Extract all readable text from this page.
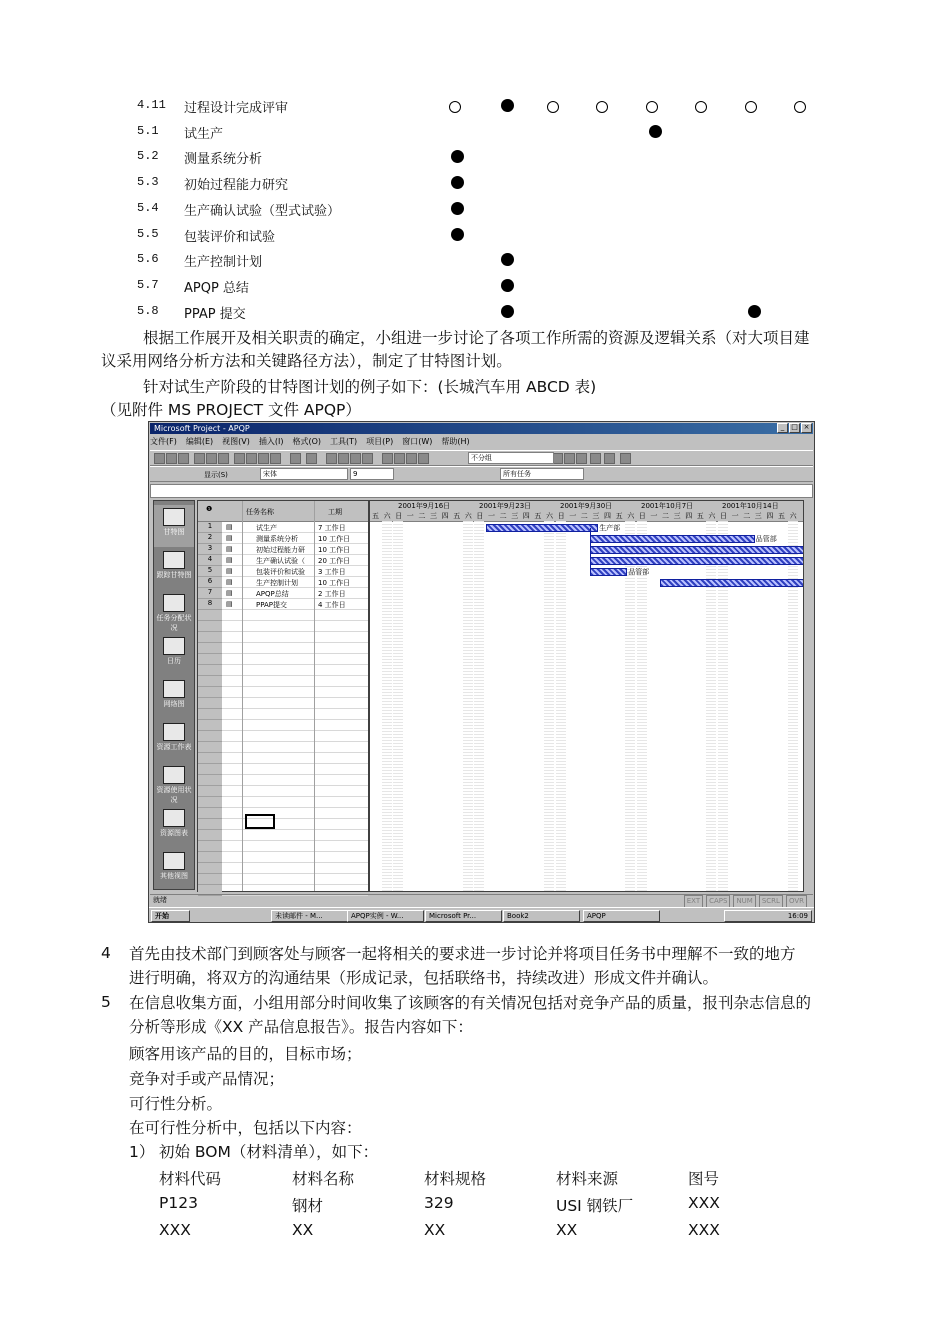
4.11 过程设计完成评审
5.1 试生产
5.2 测量系统分析
5.3 初始过程能力研究
5.4 生产确认试验（型式试验）
5.5 包装评价和试验
5.6 生产控制计划
5.7 APQP 总结
5.8 PPAP 提交
根据工作展开及相关职责的确定，小组进一步讨论了各项工作所需的资源及逻辑关系（对大项目建
议采用网络分析方法和关键路径方法），制定了甘特图计划。
针对试生产阶段的甘特图计划的例子如下：(长城汽车用 ABCD 表)
（见附件 MS PROJECT 文件 APQP）
Microsoft Project - APQP	_ □ ×
文件(F) 编辑(E) 视图(V) 插入(I) 格式(O) 工具(T) 项目(P) 窗口(W) 帮助(H)
不分组
显示(S)	宋体	9	所有任务
甘特图
跟踪甘特图
任务分配状况
日历
网络图
资源工作表
资源使用状况
资源图表
其他视图
❶	任务名称	工期
1
2
3
4
5
6
7
8
▤	试生产	7 工作日
▤	测量系统分析	10 工作日
▤	初始过程能力研 10 工作日
▤	生产确认试验（ 20 工作日
▤	包装评价和试验 3 工作日
▤	生产控制计划	10 工作日
▤	APQP总结	2 工作日
▤	PPAP提交	4 工作日
2001年9月16日	2001年9月23日	2001年9月30日	2001年10月7日	2001年10月14日
五 六 日 一 二 三 四 五 六 日 一 二 三 四 五 六 日 一 二 三 四 五 六 日 一 二 三 四 五 六 日 一 二 三 四 五 六
生产部
品管部
品管部
就绪	EXT CAPS NUM SCRL OVR
开始	16:09
未读邮件 - M...	APQP实例 - W...	Microsoft Pr...	Book2	APQP
4 首先由技术部门到顾客处与顾客一起将相关的要求进一步讨论并将项目任务书中理解不一致的地方
进行明确，将双方的沟通结果（形成记录，包括联络书，持续改进）形成文件并确认。
5 在信息收集方面，小组用部分时间收集了该顾客的有关情况包括对竞争产品的质量，报刊杂志信息的
分析等形成《XX 产品信息报告》。报告内容如下：
顾客用该产品的目的，目标市场；
竞争对手或产品情况；
可行性分析。
在可行性分析中，包括以下内容：
1） 初始 BOM（材料清单），如下：
材料代码	材料名称	材料规格	材料来源	图号
P123	钢材	329	USI 钢铁厂	XXX
XXX	XX	XX	XX	XXX
